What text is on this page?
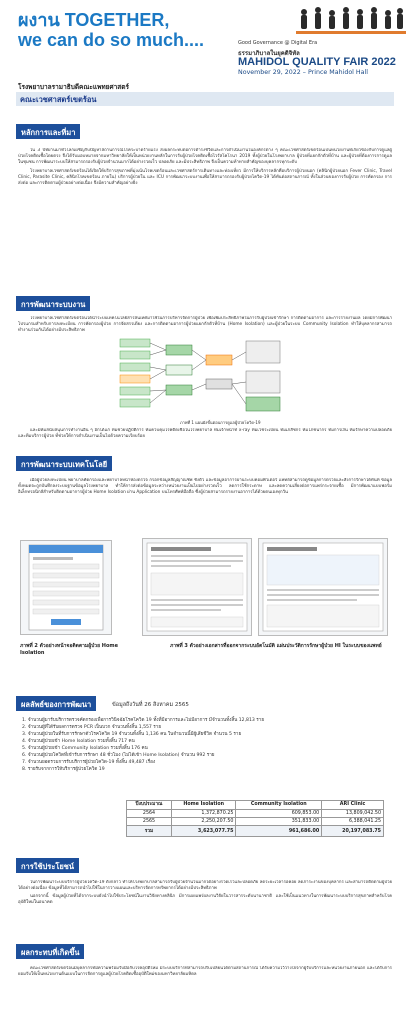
ผงาน TOGETHER,
we can do so much....	Good Governance @ Digital Era
ธรรมาภิบาลในยุคดิจิทัล
MAHIDOL QUALITY FAIR 2022
November 29, 2022 – Prince Mahidol Hall
โรงพยาบาลรามาธิบดีคณะแพทยศาสตร์
คณะเวชศาสตร์เขตร้อน
หลักการและที่มา

ใน 3 ปีที่ผ่านมาทั่วโลกเผชิญกับปัญหาสถานการณ์โรคระบาดร้ายแรง ส่งผลกระทบต่อการดำรงชีวิตและการดำเนินงานในองค์กรต่าง ๆ คณะเวชศาสตร์เขตร้อนเป็นหน่วยงานที่เกี่ยวข้องกับการดูแลผู้ป่วยโรคติดเชื้อโดยตรง จึงได้รับมอบหมายจากมหาวิทยาลัยให้เป็นหน่วยงานหลักในการรับผู้ป่วยโรคติดเชื้อไวรัสโคโรนา 2019 ทั้งผู้ป่วยในโรงพยาบาล ผู้ป่วยที่แยกกักตัวที่บ้าน และผู้ป่วยที่ต้องการการดูแลในชุมชน การพัฒนาระบบให้สามารถรองรับผู้ป่วยจำนวนมากได้อย่างรวดเร็ว ปลอดภัย และมีประสิทธิภาพ จึงเป็นความท้าทายสำคัญของบุคลากรทุกระดับ

โรงพยาบาลเวชศาสตร์เขตร้อนได้เปิดให้บริการสุขภาพที่มุ่งเน้นโรคเขตร้อนและเวชศาสตร์การเดินทางและท่องเที่ยว มีการให้บริการหลักคือบริการผู้ป่วยนอก (คลินิกผู้ป่วยนอก Fever Clinic, Travel Clinic, Parasite Clinic, คลินิกโรคเขตร้อน ภายใน) บริการผู้ป่วยใน และ ICU การพัฒนาระบบงานเพื่อให้สามารถรองรับผู้ป่วยโควิด-19 ได้ทันต่อสถานการณ์ ทั้งในส่วนของการรับผู้ป่วย การคัดกรอง การส่งต่อ และการติดตามผู้ป่วยอย่างต่อเนื่อง จึงมีความสำคัญอย่างยิ่ง

การพัฒนาระบบงาน

โรงพยาบาลเวชศาสตร์เขตร้อนได้นำระบบเทคโนโลยีสารสนเทศมาใช้ในการบริหารจัดการผู้ป่วย เพื่อเพิ่มประสิทธิภาพในการรับผู้ป่วยเข้ารักษา การติดตามอาการ และการรายงานผล โดยมีการพัฒนาโปรแกรมสำหรับการลงทะเบียน การคัดกรองผู้ป่วย การจัดสรรเตียง และการติดตามอาการผู้ป่วยแยกกักตัวที่บ้าน (Home Isolation) และผู้ป่วยในระบบ Community Isolation ทำให้บุคลากรสามารถทำงานร่วมกันได้อย่างมีประสิทธิภาพ

ภาพที่ 1 แผนผังขั้นตอนการดูแลผู้ป่วยโควิด-19

และมีทีมสนับสนุนการทำงานอื่น ๆ อีกได้แก่ ทีมช่วยปฏิบัติการ ทีมควบคุมโรคติดเชื้อในโรงพยาบาล ทีมเจ้าหน้าที่ x-ray ทีมเวชระเบียน ทีมเภสัชกร ทีมโภชนากร ทีมการเงิน ทีมรักษาความปลอดภัย และทีมบริการผู้ป่วย ที่ช่วยให้การดำเนินงานเป็นไปด้วยความเรียบร้อย

การพัฒนาระบบเทคโนโลยี

เมื่อผู้ป่วยลงทะเบียน พยาบาลคัดกรองและพยาบาลหน้าห้องตรวจ กรอกข้อมูลสัญญาณชีพ ชั่งตัว และข้อมูลอาการผ่านระบบคอมพิวเตอร์ แพทย์สามารถดูข้อมูลการตรวจและสั่งการรักษาได้ทันที ข้อมูลทั้งหมดจะถูกบันทึกลงระบบฐานข้อมูลโรงพยาบาล ทำให้การส่งต่อข้อมูลระหว่างหน่วยงานเป็นไปอย่างรวดเร็ว ลดการใช้กระดาษ และลดความเสี่ยงต่อการแพร่กระจายเชื้อ มีการพัฒนาแบบฟอร์มอิเล็กทรอนิกส์สำหรับติดตามอาการผู้ป่วย Home Isolation ผ่าน Application บนโทรศัพท์มือถือ ซึ่งผู้ป่วยสามารถรายงานอาการได้ด้วยตนเองทุกวัน

ภาพที่ 2 ตัวอย่างหน้าจอติดตามผู้ป่วย Home Isolation
ภาพที่ 3 ตัวอย่างเอกสารที่ออกจากระบบอัตโนมัติ แผ่นประวัติการรักษาผู้ป่วย HI ในระบบของแพทย์
ผลลัพธ์ของการพัฒนา	ข้อมูลถึงวันที่ 26 สิงหาคม 2565
1. จำนวนผู้มารับบริการตรวจคัดกรองเพื่อการวินิจฉัยโรคโควิด 19 ทั้งที่มีอาการและไม่มีอาการ มีจำนวนทั้งสิ้น 12,813 ราย
2. จำนวนผู้ที่ได้รับผลการตรวจ PCR เป็นบวก จำนวนทั้งสิ้น 1,557 ราย
3. จำนวนผู้ป่วยในที่รับการรักษาตัวโรคโควิด 19 จำนวนทั้งสิ้น 1,136 คน ในจำนวนนี้มีผู้เสียชีวิต จำนวน 5 ราย
4. จำนวนผู้ป่วยเข้า Home Isolation รวมทั้งสิ้น 717 คน
5. จำนวนผู้ป่วยเข้า Community Isolation รวมทั้งสิ้น 176 คน
6. จำนวนผู้ป่วยโควิดที่เข้ารับการรักษา 48 ชั่วโมง (ไม่ได้เข้า Home Isolation) จำนวน 992 ราย
7. จำนวนยอดรวมการรับบริการผู้ป่วยโควิด-19 ทั้งสิ้น 49,487 เรื่อง
8. รายรับจากการให้บริการผู้ป่วยโควิด 19
ปีงบประมาณ	Home Isolation	Community Isolation	ARI Clinic
2564	1,372,870.25	609,853.00	13,809,042.50
2565	2,250,207.50	351,833.00	6,388,041.25
รวม	3,623,077.75	961,686.00	20,197,083.75
การใช้ประโยชน์

ในการพัฒนาระบบบริการผู้ป่วยโควิด-19 ดังกล่าว ทำให้โรงพยาบาลสามารถรับผู้ป่วยจำนวนมากได้อย่างรวดเร็วและปลอดภัย ลดระยะเวลารอคอย ลดภาระงานของบุคลากร และสามารถติดตามผู้ป่วยได้อย่างต่อเนื่อง ข้อมูลที่ได้สามารถนำไปใช้ในการวางแผนและบริหารจัดการทรัพยากรได้อย่างมีประสิทธิภาพ

นอกจากนี้ ข้อมูลผู้ป่วยที่ได้จากระบบยังนำไปใช้ประโยชน์ในงานวิจัยทางคลินิก มีการเผยแพร่ผลงานวิจัยในวารสารระดับนานาชาติ และใช้เป็นแนวทางในการพัฒนาระบบบริการสุขภาพสำหรับโรคอุบัติใหม่ในอนาคต

ผลกระทบที่เกิดขึ้น

คณะเวชศาสตร์เขตร้อนมีบุคลากรที่มีความพร้อมรับมือกับโรคอุบัติใหม่ มีระบบบริการที่สามารถปรับเปลี่ยนได้ตามสถานการณ์ ได้รับความไว้วางใจจากผู้รับบริการและหน่วยงานภายนอก และได้รับการยอมรับให้เป็นหน่วยงานต้นแบบในการจัดการดูแลผู้ป่วยโรคติดเชื้ออุบัติใหม่ของมหาวิทยาลัยมหิดล
